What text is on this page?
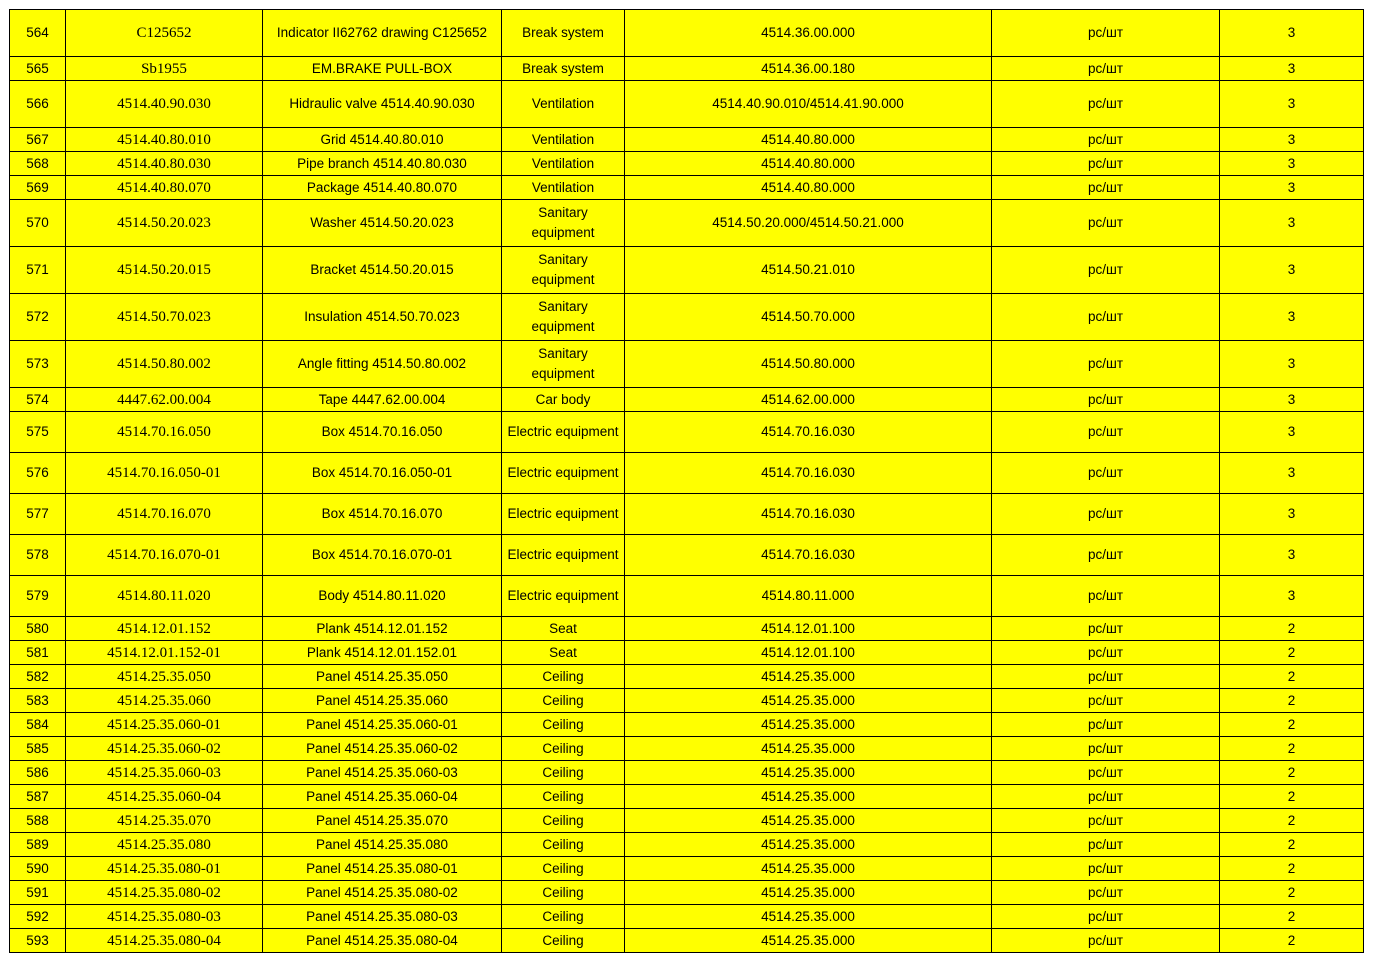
564	C125652	Indicator II62762 drawing C125652	Break system	4514.36.00.000	pc/шт	3
565	Sb1955	EM.BRAKE PULL-BOX	Break system	4514.36.00.180	pc/шт	3
566	4514.40.90.030	Hidraulic valve 4514.40.90.030	Ventilation	4514.40.90.010/4514.41.90.000	pc/шт	3
567	4514.40.80.010	Grid 4514.40.80.010	Ventilation	4514.40.80.000	pc/шт	3
568	4514.40.80.030	Pipe branch 4514.40.80.030	Ventilation	4514.40.80.000	pc/шт	3
569	4514.40.80.070	Package 4514.40.80.070	Ventilation	4514.40.80.000	pc/шт	3
570	4514.50.20.023	Washer 4514.50.20.023	Sanitary equipment	4514.50.20.000/4514.50.21.000	pc/шт	3
571	4514.50.20.015	Bracket 4514.50.20.015	Sanitary equipment	4514.50.21.010	pc/шт	3
572	4514.50.70.023	Insulation 4514.50.70.023	Sanitary equipment	4514.50.70.000	pc/шт	3
573	4514.50.80.002	Angle fitting 4514.50.80.002	Sanitary equipment	4514.50.80.000	pc/шт	3
574	4447.62.00.004	Tape 4447.62.00.004	Car body	4514.62.00.000	pc/шт	3
575	4514.70.16.050	Box 4514.70.16.050	Electric equipment	4514.70.16.030	pc/шт	3
576	4514.70.16.050-01	Box 4514.70.16.050-01	Electric equipment	4514.70.16.030	pc/шт	3
577	4514.70.16.070	Box 4514.70.16.070	Electric equipment	4514.70.16.030	pc/шт	3
578	4514.70.16.070-01	Box 4514.70.16.070-01	Electric equipment	4514.70.16.030	pc/шт	3
579	4514.80.11.020	Body 4514.80.11.020	Electric equipment	4514.80.11.000	pc/шт	3
580	4514.12.01.152	Plank 4514.12.01.152	Seat	4514.12.01.100	pc/шт	2
581	4514.12.01.152-01	Plank 4514.12.01.152.01	Seat	4514.12.01.100	pc/шт	2
582	4514.25.35.050	Panel 4514.25.35.050	Ceiling	4514.25.35.000	pc/шт	2
583	4514.25.35.060	Panel 4514.25.35.060	Ceiling	4514.25.35.000	pc/шт	2
584	4514.25.35.060-01	Panel 4514.25.35.060-01	Ceiling	4514.25.35.000	pc/шт	2
585	4514.25.35.060-02	Panel 4514.25.35.060-02	Ceiling	4514.25.35.000	pc/шт	2
586	4514.25.35.060-03	Panel 4514.25.35.060-03	Ceiling	4514.25.35.000	pc/шт	2
587	4514.25.35.060-04	Panel 4514.25.35.060-04	Ceiling	4514.25.35.000	pc/шт	2
588	4514.25.35.070	Panel 4514.25.35.070	Ceiling	4514.25.35.000	pc/шт	2
589	4514.25.35.080	Panel 4514.25.35.080	Ceiling	4514.25.35.000	pc/шт	2
590	4514.25.35.080-01	Panel 4514.25.35.080-01	Ceiling	4514.25.35.000	pc/шт	2
591	4514.25.35.080-02	Panel 4514.25.35.080-02	Ceiling	4514.25.35.000	pc/шт	2
592	4514.25.35.080-03	Panel 4514.25.35.080-03	Ceiling	4514.25.35.000	pc/шт	2
593	4514.25.35.080-04	Panel 4514.25.35.080-04	Ceiling	4514.25.35.000	pc/шт	2
